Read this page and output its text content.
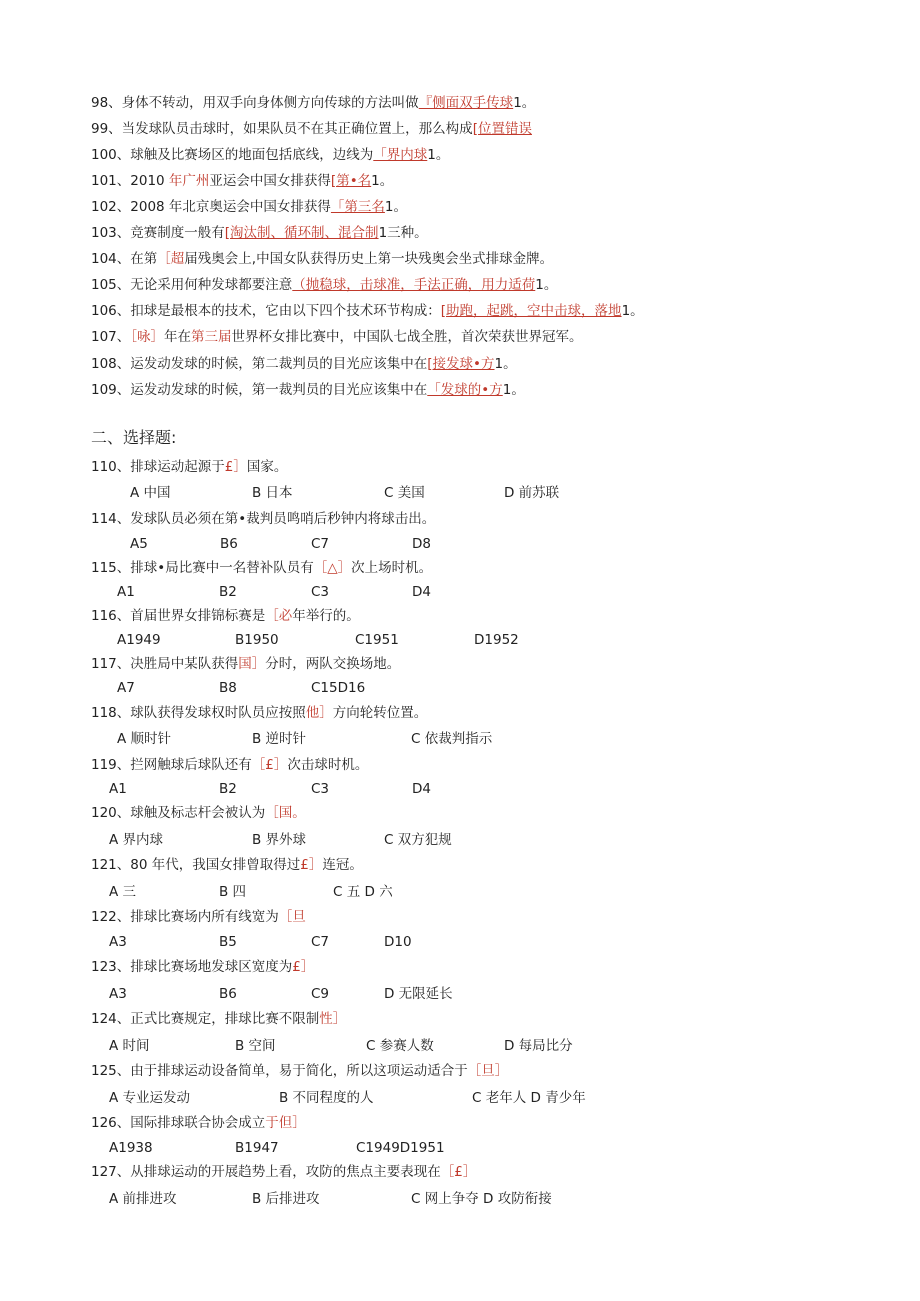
98、身体不转动，用双手向身体侧方向传球的方法叫做『侧面双手传球1。
99、当发球队员击球时，如果队员不在其正确位置上，那么构成[位置错误
100、球触及比赛场区的地面包括底线，边线为「界内球1。
101、2010 年广州亚运会中国女排获得[第•名1。
102、2008 年北京奥运会中国女排获得「第三名1。
103、竞赛制度一般有[淘汰制、循环制、混合制1三种。
104、在第［超届残奥会上,中国女队获得历史上第一块残奥会坐式排球金牌。
105、无论采用何种发球都要注意（抛稳球，击球准，手法正确，用力适荷1。
106、扣球是最根本的技术，它由以下四个技术环节构成：[助跑，起跳，空中击球，落地1。
107、［咏］年在第三届世界杯女排比赛中，中国队七战全胜，首次荣获世界冠军。
108、运发动发球的时候，第二裁判员的目光应该集中在[接发球•方1。
109、运发动发球的时候，第一裁判员的目光应该集中在「发球的•方1。
二、选择题:
110、排球运动起源于£］国家。
A 中国	B 日本	C 美国	D 前苏联
114、发球队员必须在第•裁判员鸣哨后秒钟内将球击出。
A5	B6	C7	D8
115、排球•局比赛中一名替补队员有［△］次上场时机。
A1	B2	C3	D4
116、首届世界女排锦标赛是［必年举行的。
A1949	B1950	C1951	D1952
117、决胜局中某队获得国］分时，两队交换场地。
A7	B8	C15D16
118、球队获得发球权时队员应按照他］方向轮转位置。
A 顺时针	B 逆时针	C 依裁判指示
119、拦网触球后球队还有［£］次击球时机。
A1	B2	C3	D4
120、球触及标志杆会被认为［国。
A 界内球	B 界外球	C 双方犯规
121、80 年代，我国女排曾取得过£］连冠。
A 三	B 四	C 五 D 六
122、排球比赛场内所有线宽为［旦
A3	B5	C7	D10
123、排球比赛场地发球区宽度为£］
A3	B6	C9	D 无限延长
124、正式比赛规定，排球比赛不限制性］
A 时间	B 空间	C 参赛人数	D 每局比分
125、由于排球运动设备简单，易于简化，所以这项运动适合于［旦］
A 专业运发动	B 不同程度的人	C 老年人 D 青少年
126、国际排球联合协会成立于但］
A1938	B1947	C1949D1951
127、从排球运动的开展趋势上看，攻防的焦点主要表现在［£］
A 前排进攻	B 后排进攻	C 网上争夺 D 攻防衔接
